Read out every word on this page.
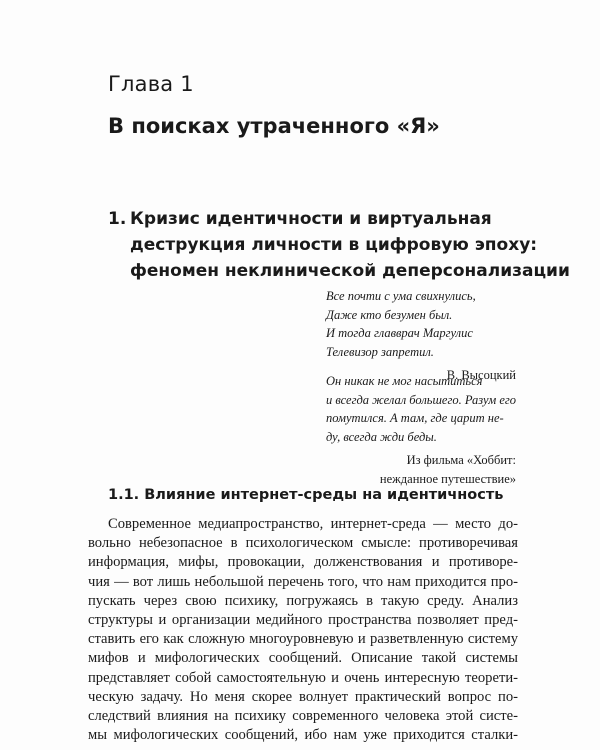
Глава 1
В поисках утраченного «Я»
1. Кризис идентичности и виртуальная
деструкция личности в цифровую эпоху:
феномен неклинической деперсонализации
Все почти с ума свихнулись,
Даже кто безумен был.
И тогда главврач Маргулис
Телевизор запретил.
В. Высоцкий
Он никак не мог насытиться
и всегда желал большего. Разум его
помутился. А там, где царит не-
ду, всегда жди беды.
Из фильма «Хоббит:
нежданное путешествие»
1.1. Влияние интернет-среды на идентичность
Современное медиапространство, интернет-среда — место до-
вольно небезопасное в психологическом смысле: противоречивая
информация, мифы, провокации, долженствования и противоре-
чия — вот лишь небольшой перечень того, что нам приходится про-
пускать через свою психику, погружаясь в такую среду. Анализ
структуры и организации медийного пространства позволяет пред-
ставить его как сложную многоуровневую и разветвленную систему
мифов и мифологических сообщений. Описание такой системы
представляет собой самостоятельную и очень интересную теорети-
ческую задачу. Но меня скорее волнует практический вопрос по-
следствий влияния на психику современного человека этой систе-
мы мифологических сообщений, ибо нам уже приходится сталки-
